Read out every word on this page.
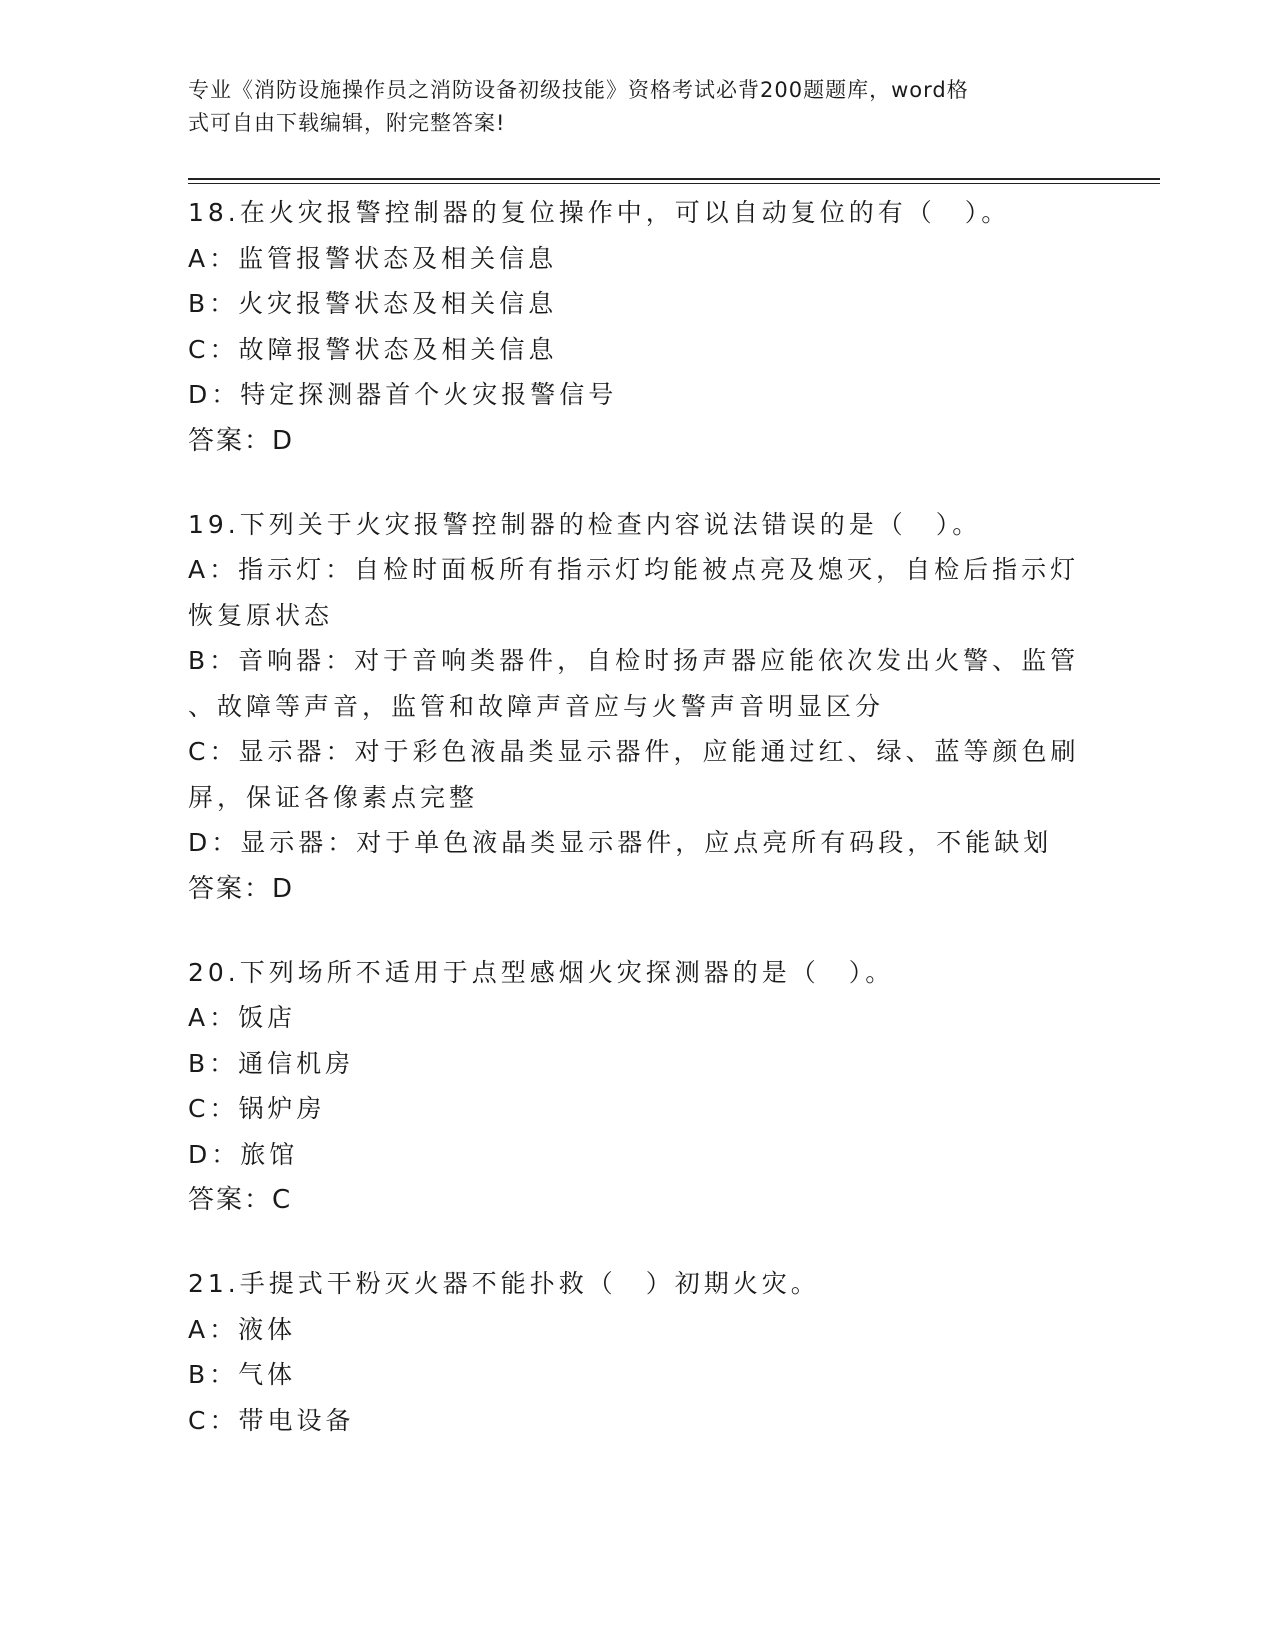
专业《消防设施操作员之消防设备初级技能》资格考试必背200题题库，word格
式可自由下载编辑，附完整答案!
18.在火灾报警控制器的复位操作中，可以自动复位的有（　）。
A：监管报警状态及相关信息
B：火灾报警状态及相关信息
C：故障报警状态及相关信息
D：特定探测器首个火灾报警信号
答案：D
19.下列关于火灾报警控制器的检查内容说法错误的是（　）。
A：指示灯：自检时面板所有指示灯均能被点亮及熄灭，自检后指示灯
恢复原状态
B：音响器：对于音响类器件，自检时扬声器应能依次发出火警、监管
、故障等声音，监管和故障声音应与火警声音明显区分
C：显示器：对于彩色液晶类显示器件，应能通过红、绿、蓝等颜色刷
屏，保证各像素点完整
D：显示器：对于单色液晶类显示器件，应点亮所有码段，不能缺划
答案：D
20.下列场所不适用于点型感烟火灾探测器的是（　）。
A：饭店
B：通信机房
C：锅炉房
D：旅馆
答案：C
21.手提式干粉灭火器不能扑救（　）初期火灾。
A：液体
B：气体
C：带电设备
